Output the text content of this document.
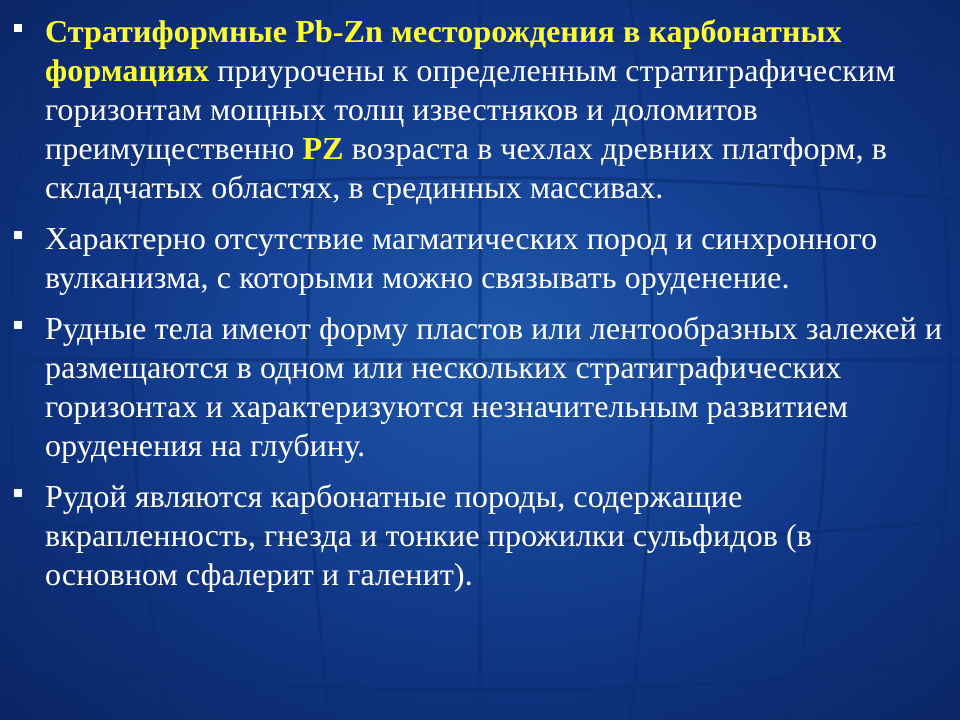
Стратиформные Pb-Zn месторождения в карбонатных формациях приурочены к определенным стратиграфическим горизонтам мощных толщ известняков и доломитов преимущественно PZ возраста в чехлах древних платформ, в складчатых областях, в срединных массивах.
Характерно отсутствие магматических пород и синхронного вулканизма, с которыми можно связывать оруденение.
Рудные тела имеют форму пластов или лентообразных залежей и размещаются в одном или нескольких стратиграфических горизонтах и характеризуются незначительным развитием оруденения на глубину.
Рудой являются карбонатные породы, содержащие вкрапленность, гнезда и тонкие прожилки сульфидов (в основном сфалерит и галенит).
